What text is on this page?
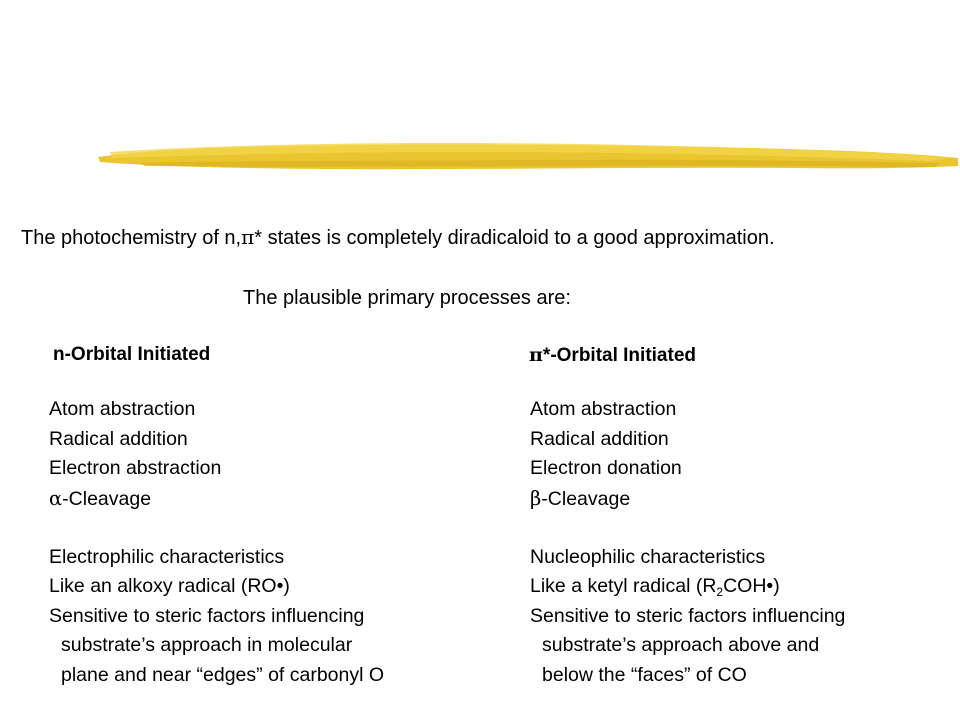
The photochemistry of n,π* states is completely diradicaloid to a good approximation.
The plausible primary processes are:
n-Orbital Initiated	π*-Orbital Initiated
Atom abstraction
Radical addition
Electron abstraction
α-Cleavage
Electrophilic characteristics
Like an alkoxy radical (RO•)
Sensitive to steric factors influencing
substrate’s approach in molecular
plane and near “edges” of carbonyl O
Atom abstraction
Radical addition
Electron donation
β-Cleavage
Nucleophilic characteristics
Like a ketyl radical $(R_2COH•)$
Sensitive to steric factors influencing
substrate’s approach above and
below the “faces” of CO
